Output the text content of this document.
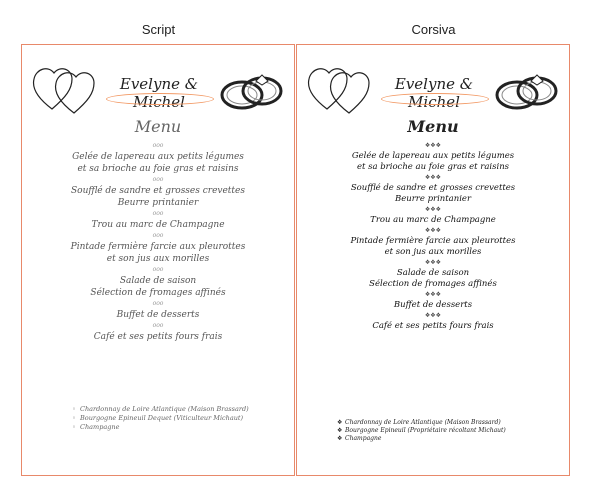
Script	Corsiva
Evelyne & Michel
Menu
ooo
Gelée de lapereau aux petits légumes
et sa brioche au foie gras et raisins
ooo
Soufflé de sandre et grosses crevettes
Beurre printanier
ooo
Trou au marc de Champagne
ooo
Pintade fermière farcie aux pleurottes
et son jus aux morilles
ooo
Salade de saison
Sélection de fromages affinés
ooo
Buffet de desserts
ooo
Café et ses petits fours frais
◦ Chardonnay de Loire Atlantique (Maison Brassard)
◦ Bourgogne Epineuil Dequet (Viticulteur Michaut)
◦ Champagne
Evelyne & Michel
Menu
❖❖❖
Gelée de lapereau aux petits légumes
et sa brioche au foie gras et raisins
❖❖❖
Soufflé de sandre et grosses crevettes
Beurre printanier
❖❖❖
Trou au marc de Champagne
❖❖❖
Pintade fermière farcie aux pleurottes
et son jus aux morilles
❖❖❖
Salade de saison
Sélection de fromages affinés
❖❖❖
Buffet de desserts
❖❖❖
Café et ses petits fours frais
❖ Chardonnay de Loire Atlantique (Maison Brassard)
❖ Bourgogne Epineuil (Propriétaire récoltant Michaut)
❖ Champagne
